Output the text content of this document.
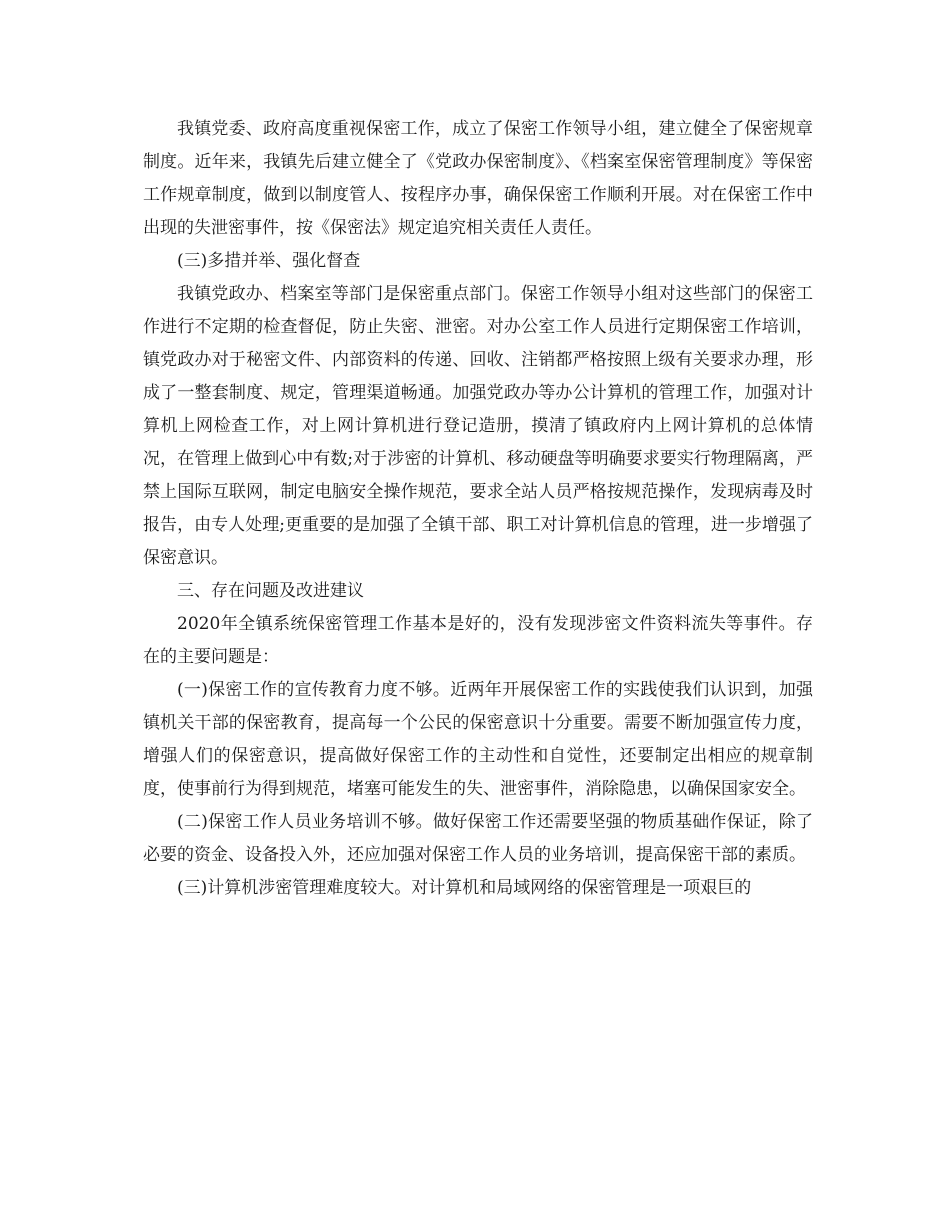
我镇党委、政府高度重视保密工作，成立了保密工作领导小组，建立健全了保密规章制度。近年来，我镇先后建立健全了《党政办保密制度》、《档案室保密管理制度》等保密工作规章制度，做到以制度管人、按程序办事，确保保密工作顺利开展。对在保密工作中出现的失泄密事件，按《保密法》规定追究相关责任人责任。

(三)多措并举、强化督查

我镇党政办、档案室等部门是保密重点部门。保密工作领导小组对这些部门的保密工作进行不定期的检查督促，防止失密、泄密。对办公室工作人员进行定期保密工作培训，镇党政办对于秘密文件、内部资料的传递、回收、注销都严格按照上级有关要求办理，形成了一整套制度、规定，管理渠道畅通。加强党政办等办公计算机的管理工作，加强对计算机上网检查工作，对上网计算机进行登记造册，摸清了镇政府内上网计算机的总体情况，在管理上做到心中有数;对于涉密的计算机、移动硬盘等明确要求要实行物理隔离，严禁上国际互联网，制定电脑安全操作规范，要求全站人员严格按规范操作，发现病毒及时报告，由专人处理;更重要的是加强了全镇干部、职工对计算机信息的管理，进一步增强了保密意识。

三、存在问题及改进建议

2020年全镇系统保密管理工作基本是好的，没有发现涉密文件资料流失等事件。存在的主要问题是：

(一)保密工作的宣传教育力度不够。近两年开展保密工作的实践使我们认识到，加强镇机关干部的保密教育，提高每一个公民的保密意识十分重要。需要不断加强宣传力度，增强人们的保密意识，提高做好保密工作的主动性和自觉性，还要制定出相应的规章制度，使事前行为得到规范，堵塞可能发生的失、泄密事件，消除隐患，以确保国家安全。

(二)保密工作人员业务培训不够。做好保密工作还需要坚强的物质基础作保证，除了必要的资金、设备投入外，还应加强对保密工作人员的业务培训，提高保密干部的素质。

(三)计算机涉密管理难度较大。对计算机和局域网络的保密管理是一项艰巨的
